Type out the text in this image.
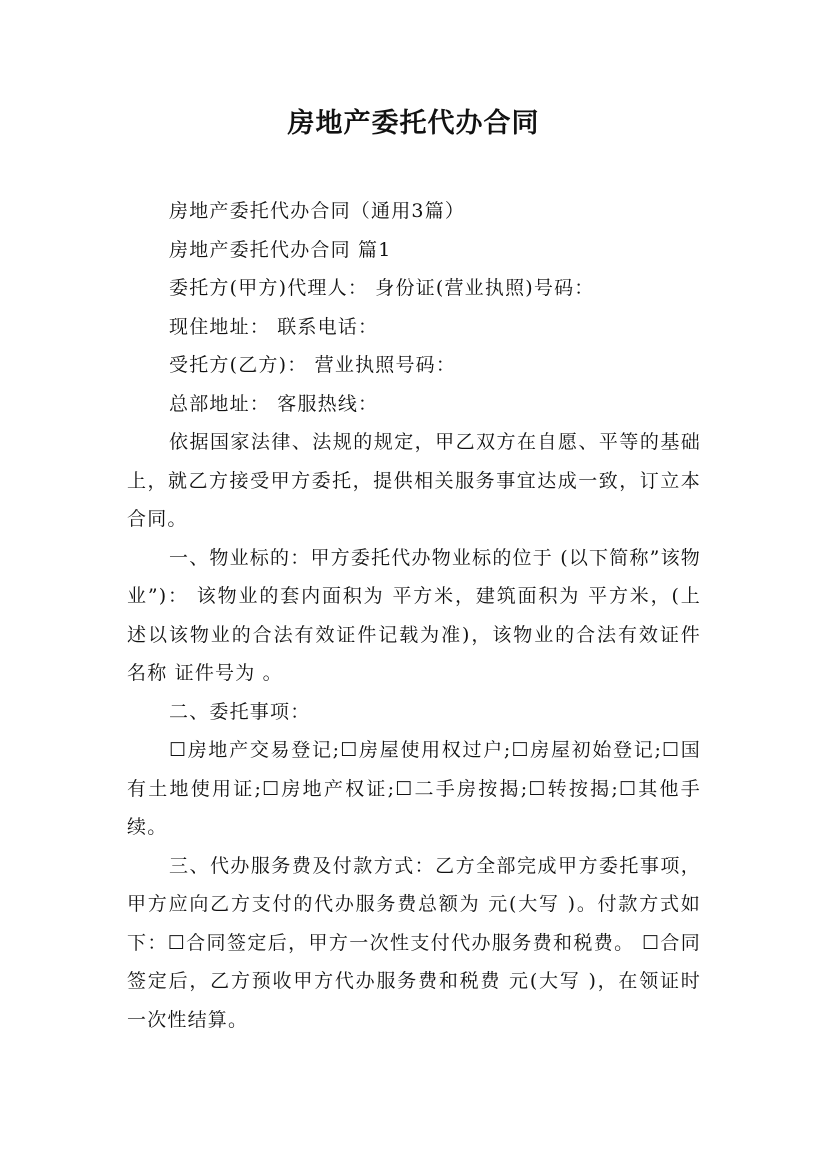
房地产委托代办合同

房地产委托代办合同（通用3篇）

房地产委托代办合同 篇1

委托方(甲方)代理人： 身份证(营业执照)号码：

现住地址： 联系电话：

受托方(乙方)： 营业执照号码：

总部地址： 客服热线：

依据国家法律、法规的规定，甲乙双方在自愿、平等的基础上，就乙方接受甲方委托，提供相关服务事宜达成一致，订立本合同。

一、物业标的：甲方委托代办物业标的位于 (以下简称”该物业”)： 该物业的套内面积为 平方米，建筑面积为 平方米，(上述以该物业的合法有效证件记载为准)，该物业的合法有效证件名称 证件号为 。

二、委托事项：

☐房地产交易登记;☐房屋使用权过户;☐房屋初始登记;☐国有土地使用证;☐房地产权证;☐二手房按揭;☐转按揭;☐其他手续。

三、代办服务费及付款方式：乙方全部完成甲方委托事项，甲方应向乙方支付的代办服务费总额为 元(大写 )。付款方式如下：☐合同签定后，甲方一次性支付代办服务费和税费。 ☐合同签定后，乙方预收甲方代办服务费和税费 元(大写 )，在领证时一次性结算。
